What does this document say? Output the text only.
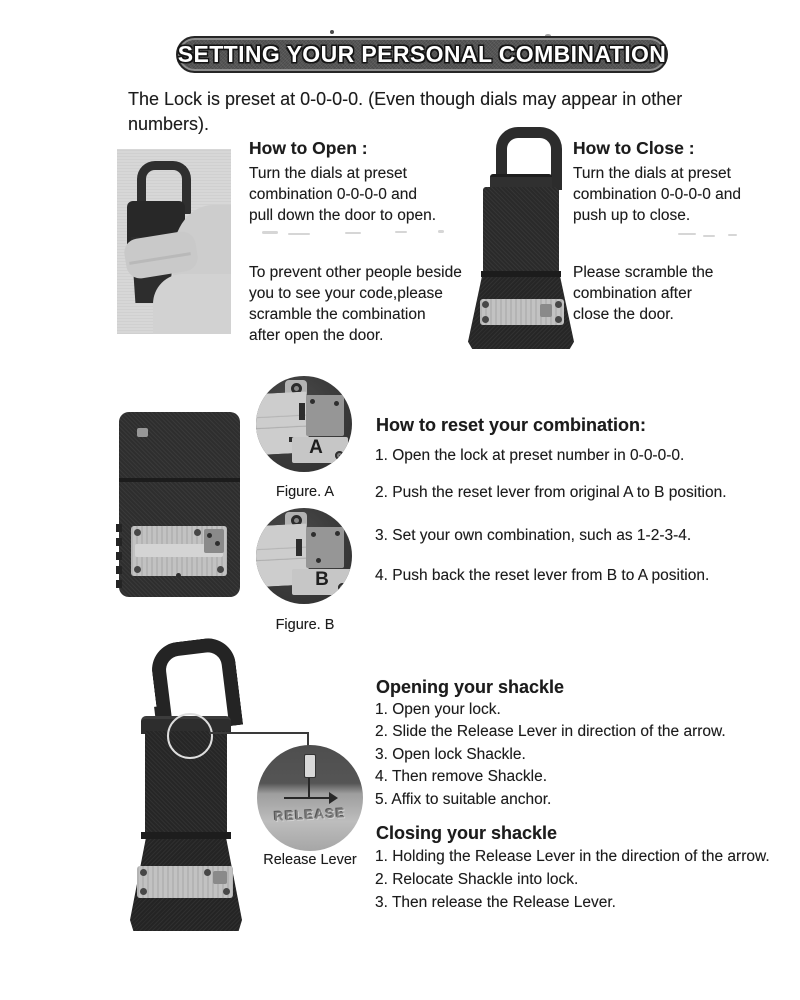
SETTING YOUR PERSONAL COMBINATION
The Lock is preset at 0-0-0-0. (Even though dials may appear in other
numbers).
How to Open :
Turn the dials at preset
combination 0-0-0-0 and
pull down the door to open.
To prevent other people beside
you to see your code,please
scramble the combination
after open the door.
How to Close :
Turn the dials at preset
combination 0-0-0-0 and
push up to close.
Please scramble the
combination after
close the door.
A
Figure. A
B
Figure. B
How to reset your combination:
1. Open the lock at preset number in 0-0-0-0.
2. Push the reset lever from original A to B position.
3. Set your own combination, such as 1-2-3-4.
4. Push back the reset lever from B to A position.
RELEASE
Release Lever
Opening your shackle
1. Open your lock.
2. Slide the Release Lever in direction of the arrow.
3. Open lock Shackle.
4. Then remove Shackle.
5. Affix to suitable anchor.
Closing your shackle
1. Holding the Release Lever in the direction of the arrow.
2. Relocate Shackle into lock.
3. Then release the Release Lever.
